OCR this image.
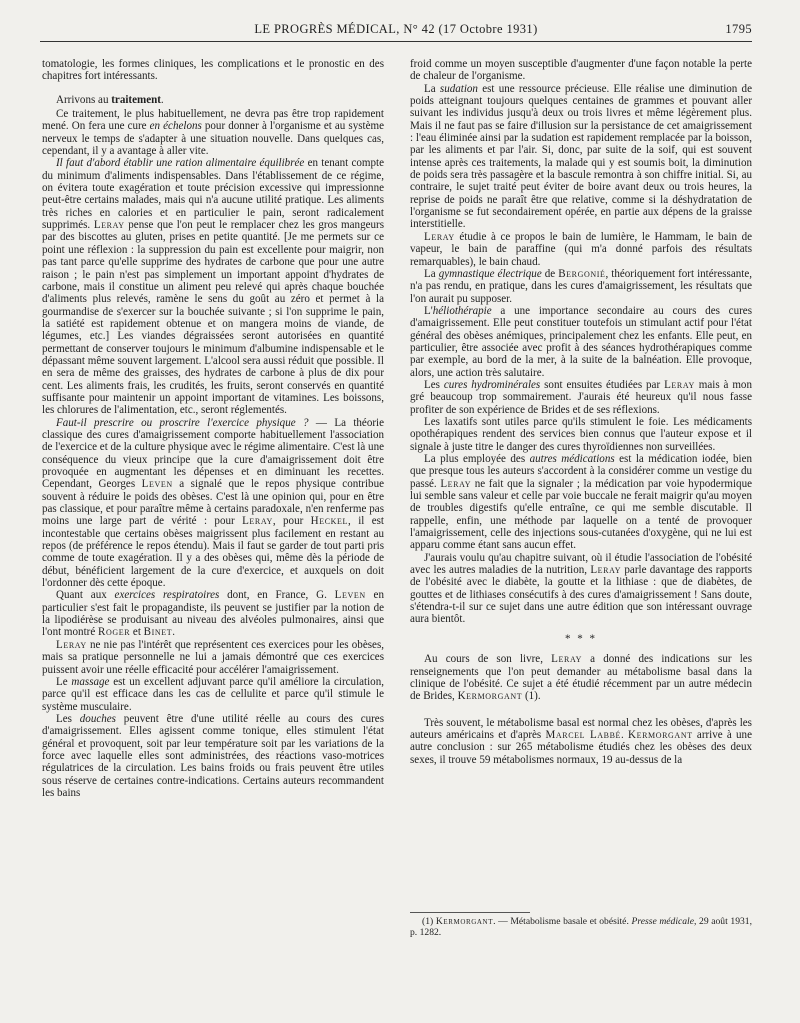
LE PROGRÈS MÉDICAL, N° 42 (17 Octobre 1931)	1795

tomatologie, les formes cliniques, les complications et le pronostic en des chapitres fort intéressants.

Arrivons au traitement.

Ce traitement, le plus habituellement, ne devra pas être trop rapidement mené. On fera une cure en échelons pour donner à l'organisme et au système nerveux le temps de s'adapter à une situation nouvelle. Dans quelques cas, cependant, il y a avantage à aller vite.

Il faut d'abord établir une ration alimentaire équilibrée en tenant compte du minimum d'aliments indispensables. Dans l'établissement de ce régime, on évitera toute exagération et toute précision excessive qui impressionne peut-être certains malades, mais qui n'a aucune utilité pratique. Les aliments très riches en calories et en particulier le pain, seront radicalement supprimés. Leray pense que l'on peut le remplacer chez les gros mangeurs par des biscottes au gluten, prises en petite quantité. [Je me permets sur ce point une réflexion : la suppression du pain est excellente pour maigrir, non pas tant parce qu'elle supprime des hydrates de carbone que pour une autre raison ; le pain n'est pas simplement un important appoint d'hydrates de carbone, mais il constitue un aliment peu relevé qui après chaque bouchée d'aliments plus relevés, ramène le sens du goût au zéro et permet à la gourmandise de s'exercer sur la bouchée suivante ; si l'on supprime le pain, la satiété est rapidement obtenue et on mangera moins de viande, de légumes, etc.] Les viandes dégraissées seront autorisées en quantité permettant de conserver toujours le minimum d'albumine indispensable et le dépassant même souvent largement. L'alcool sera aussi réduit que possible. Il en sera de même des graisses, des hydrates de carbone à plus de dix pour cent. Les aliments frais, les crudités, les fruits, seront conservés en quantité suffisante pour maintenir un appoint important de vitamines. Les boissons, les chlorures de l'alimentation, etc., seront réglementés.

Faut-il prescrire ou proscrire l'exercice physique ? — La théorie classique des cures d'amaigrissement comporte habituellement l'association de l'exercice et de la culture physique avec le régime alimentaire. C'est là une conséquence du vieux principe que la cure d'amaigrissement doit être provoquée en augmentant les dépenses et en diminuant les recettes. Cependant, Georges Leven a signalé que le repos physique contribue souvent à réduire le poids des obèses. C'est là une opinion qui, pour en être pas classique, et pour paraître même à certains paradoxale, n'en renferme pas moins une large part de vérité : pour Leray, pour Heckel, il est incontestable que certains obèses maigrissent plus facilement en restant au repos (de préférence le repos étendu). Mais il faut se garder de tout parti pris comme de toute exagération. Il y a des obèses qui, même dès la période de début, bénéficient largement de la cure d'exercice, et auxquels on doit l'ordonner dès cette époque.

Quant aux exercices respiratoires dont, en France, G. Leven en particulier s'est fait le propagandiste, ils peuvent se justifier par la notion de la lipodiérèse se produisant au niveau des alvéoles pulmonaires, ainsi que l'ont montré Roger et Binet.

Leray ne nie pas l'intérêt que représentent ces exercices pour les obèses, mais sa pratique personnelle ne lui a jamais démontré que ces exercices puissent avoir une réelle efficacité pour accélérer l'amaigrissement.

Le massage est un excellent adjuvant parce qu'il améliore la circulation, parce qu'il est efficace dans les cas de cellulite et parce qu'il stimule le système musculaire.

Les douches peuvent être d'une utilité réelle au cours des cures d'amaigrissement. Elles agissent comme tonique, elles stimulent l'état général et provoquent, soit par leur température soit par les variations de la force avec laquelle elles sont administrées, des réactions vaso-motrices régulatrices de la circulation. Les bains froids ou frais peuvent être utiles sous réserve de certaines contre-indications. Certains auteurs recommandent les bains

froid comme un moyen susceptible d'augmenter d'une façon notable la perte de chaleur de l'organisme.

La sudation est une ressource précieuse. Elle réalise une diminution de poids atteignant toujours quelques centaines de grammes et pouvant aller suivant les individus jusqu'à deux ou trois livres et même légèrement plus. Mais il ne faut pas se faire d'illusion sur la persistance de cet amaigrissement : l'eau éliminée ainsi par la sudation est rapidement remplacée par la boisson, par les aliments et par l'air. Si, donc, par suite de la soif, qui est souvent intense après ces traitements, la malade qui y est soumis boit, la diminution de poids sera très passagère et la bascule remontra à son chiffre initial. Si, au contraire, le sujet traité peut éviter de boire avant deux ou trois heures, la reprise de poids ne paraît être que relative, comme si la déshydratation de l'organisme se fut secondairement opérée, en partie aux dépens de la graisse interstitielle.

Leray étudie à ce propos le bain de lumière, le Hammam, le bain de vapeur, le bain de paraffine (qui m'a donné parfois des résultats remarquables), le bain chaud.

La gymnastique électrique de Bergonié, théoriquement fort intéressante, n'a pas rendu, en pratique, dans les cures d'amaigrissement, les résultats que l'on aurait pu supposer.

L'héliothérapie a une importance secondaire au cours des cures d'amaigrissement. Elle peut constituer toutefois un stimulant actif pour l'état général des obèses anémiques, principalement chez les enfants. Elle peut, en particulier, être associée avec profit à des séances hydrothérapiques comme par exemple, au bord de la mer, à la suite de la balnéation. Elle provoque, alors, une action très salutaire.

Les cures hydrominérales sont ensuites étudiées par Leray mais à mon gré beaucoup trop sommairement. J'aurais été heureux qu'il nous fasse profiter de son expérience de Brides et de ses réflexions.

Les laxatifs sont utiles parce qu'ils stimulent le foie. Les médicaments opothérapiques rendent des services bien connus que l'auteur expose et il signale à juste titre le danger des cures thyroïdiennes non surveillées.

La plus employée des autres médications est la médication iodée, bien que presque tous les auteurs s'accordent à la considérer comme un vestige du passé. Leray ne fait que la signaler ; la médication par voie hypodermique lui semble sans valeur et celle par voie buccale ne ferait maigrir qu'au moyen de troubles digestifs qu'elle entraîne, ce qui me semble discutable. Il rappelle, enfin, une méthode par laquelle on a tenté de provoquer l'amaigrissement, celle des injections sous-cutanées d'oxygène, qui ne lui est apparu comme étant sans aucun effet.

J'aurais voulu qu'au chapitre suivant, où il étudie l'association de l'obésité avec les autres maladies de la nutrition, Leray parle davantage des rapports de l'obésité avec le diabète, la goutte et la lithiase : que de diabètes, de gouttes et de lithiases consécutifs à des cures d'amaigrissement ! Sans doute, s'étendra-t-il sur ce sujet dans une autre édition que son intéressant ouvrage aura bientôt.

* * *

Au cours de son livre, Leray a donné des indications sur les renseignements que l'on peut demander au métabolisme basal dans la clinique de l'obésité. Ce sujet a été étudié récemment par un autre médecin de Brides, Kermorgant (1).

Très souvent, le métabolisme basal est normal chez les obèses, d'après les auteurs américains et d'après Marcel Labbé. Kermorgant arrive à une autre conclusion : sur 265 métabolisme étudiés chez les obèses des deux sexes, il trouve 59 métabolismes normaux, 19 au-dessus de la

(1) Kermorgant. — Métabolisme basale et obésité. Presse médicale, 29 août 1931, p. 1282.
